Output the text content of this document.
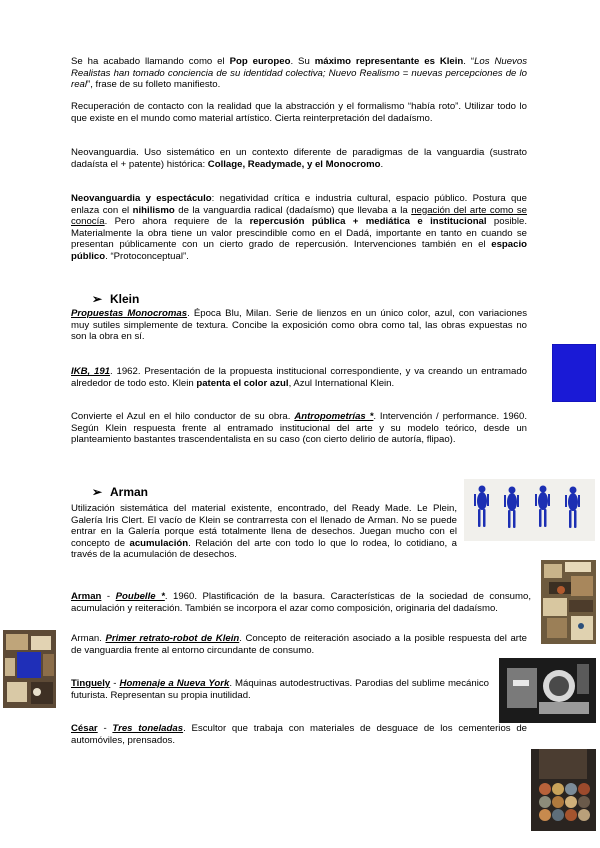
Se ha acabado llamando como el Pop europeo. Su máximo representante es Klein. “Los Nuevos Realistas han tomado conciencia de su identidad colectiva; Nuevo Realismo = nuevas percepciones de lo real”, frase de su folleto manifiesto.

Recuperación de contacto con la realidad que la abstracción y el formalismo “había roto”. Utilizar todo lo que existe en el mundo como material artístico. Cierta reinterpretación del dadaísmo.

Neovanguardia. Uso sistemático en un contexto diferente de paradigmas de la vanguardia (sustrato dadaísta el + patente) histórica: Collage, Readymade, y el Monocromo.

Neovanguardia y espectáculo: negatividad crítica e industria cultural, espacio público. Postura que enlaza con el nihilismo de la vanguardia radical (dadaísmo) que llevaba a la negación del arte como se conocía. Pero ahora requiere de la repercusión pública + mediática e institucional posible. Materialmente la obra tiene un valor prescindible como en el Dadá, importante en tanto en cuando se presentan públicamente con un cierto grado de repercusión. Intervenciones también en el espacio público. “Protoconceptual”.

➢ Klein

Propuestas Monocromas. Época Blu, Milan. Serie de lienzos en un único color, azul, con variaciones muy sutiles simplemente de textura. Concibe la exposición como obra como tal, las obras expuestas no son la obra en sí.

IKB, 191. 1962. Presentación de la propuesta institucional correspondiente, y va creando un entramado alrededor de todo esto. Klein patenta el color azul, Azul International Klein.

Convierte el Azul en el hilo conductor de su obra. Antropometrías *. Intervención / performance. 1960. Según Klein respuesta frente al entramado institucional del arte y su modelo teórico, desde un planteamiento bastantes trascendentalista en su caso (con cierto delirio de autoría, flipao).

➢ Arman

Utilización sistemática del material existente, encontrado, del Ready Made. Le Plein, Galería Iris Clert. El vacío de Klein se contrarresta con el llenado de Arman. No se puede entrar en la Galería porque está totalmente llena de desechos. Juegan mucho con el concepto de acumulación. Relación del arte con todo lo que lo rodea, lo cotidiano, a través de la acumulación de desechos.

Arman - Poubelle *. 1960. Plastificación de la basura. Características de la sociedad de consumo, acumulación y reiteración. También se incorpora el azar como composición, originaria del dadaísmo.

Arman. Primer retrato-robot de Klein. Concepto de reiteración asociado a la posible respuesta del arte de vanguardia frente al entorno circundante de consumo.

Tinguely - Homenaje a Nueva York. Máquinas autodestructivas. Parodias del sublime mecánico futurista. Representan su propia inutilidad.

César - Tres toneladas. Escultor que trabaja con materiales de desguace de los cementerios de automóviles, prensados.
